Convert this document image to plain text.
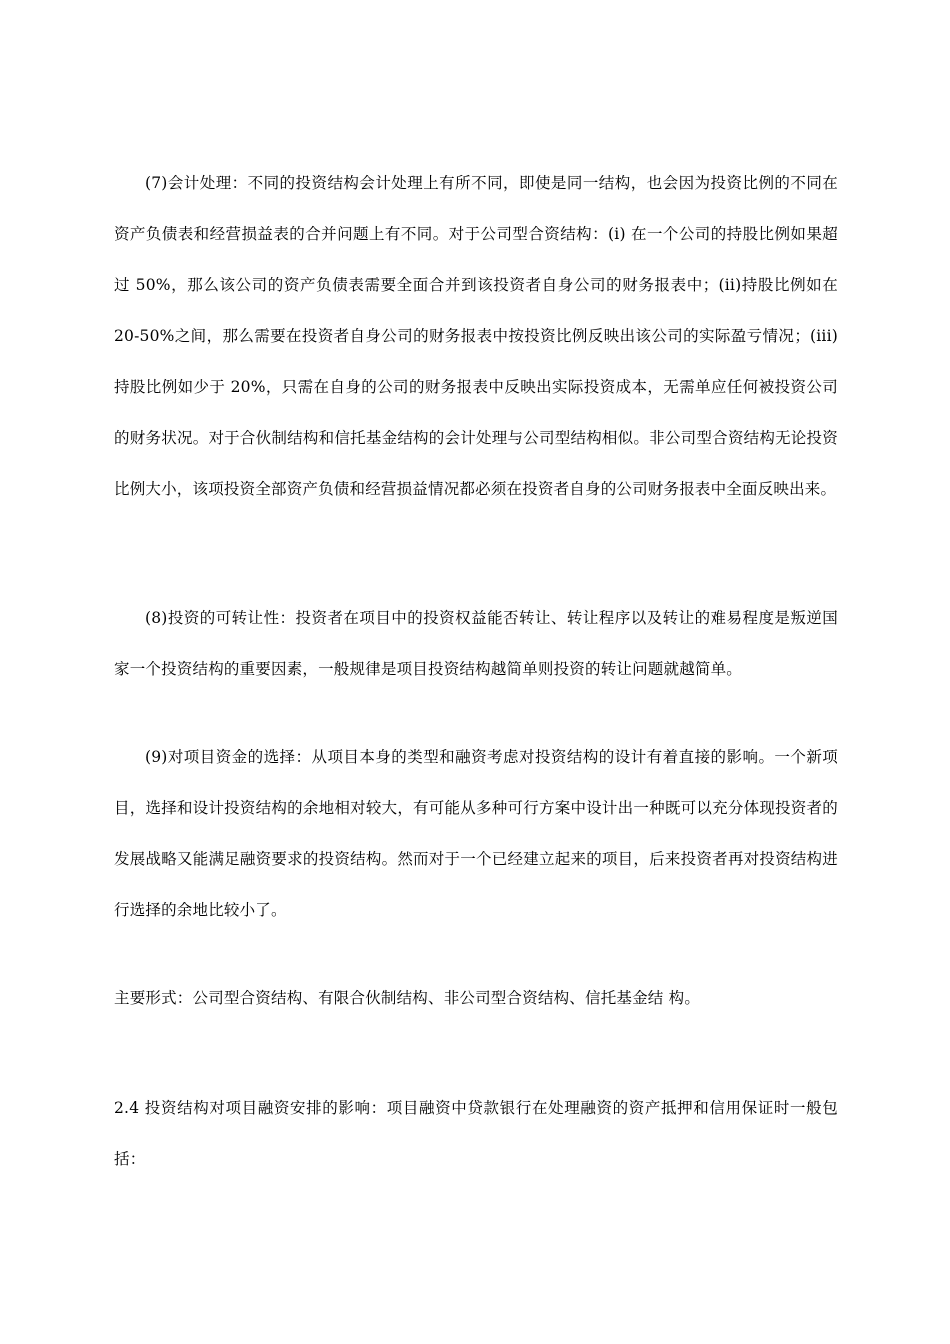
(7)会计处理：不同的投资结构会计处理上有所不同，即使是同一结构，也会因为投资比例的不同在资产负债表和经营损益表的合并问题上有不同。对于公司型合资结构：(i) 在一个公司的持股比例如果超过 50%，那么该公司的资产负债表需要全面合并到该投资者自身公司的财务报表中；(ii)持股比例如在 20-50%之间，那么需要在投资者自身公司的财务报表中按投资比例反映出该公司的实际盈亏情况；(iii)持股比例如少于 20%，只需在自身的公司的财务报表中反映出实际投资成本，无需单应任何被投资公司的财务状况。对于合伙制结构和信托基金结构的会计处理与公司型结构相似。非公司型合资结构无论投资比例大小，该项投资全部资产负债和经营损益情况都必须在投资者自身的公司财务报表中全面反映出来。

(8)投资的可转让性：投资者在项目中的投资权益能否转让、转让程序以及转让的难易程度是叛逆国家一个投资结构的重要因素，一般规律是项目投资结构越简单则投资的转让问题就越简单。

(9)对项目资金的选择：从项目本身的类型和融资考虑对投资结构的设计有着直接的影响。一个新项目，选择和设计投资结构的余地相对较大，有可能从多种可行方案中设计出一种既可以充分体现投资者的发展战略又能满足融资要求的投资结构。然而对于一个已经建立起来的项目，后来投资者再对投资结构进行选择的余地比较小了。

主要形式：公司型合资结构、有限合伙制结构、非公司型合资结构、信托基金结 构。

2.4 投资结构对项目融资安排的影响：项目融资中贷款银行在处理融资的资产抵押和信用保证时一般包括：
